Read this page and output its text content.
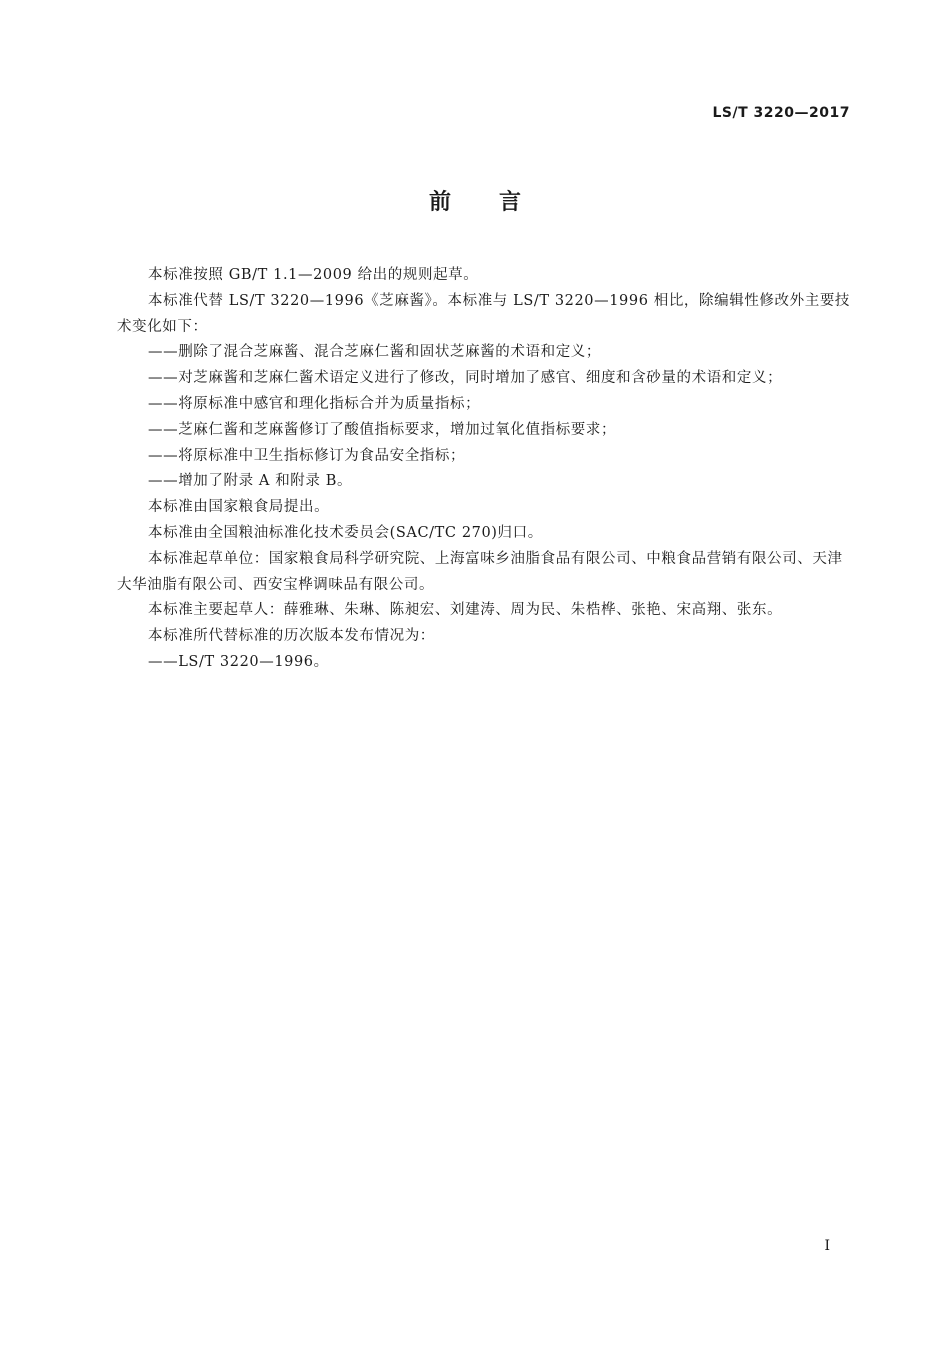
LS/T 3220—2017
前言

本标准按照 GB/T 1.1—2009 给出的规则起草。

本标准代替 LS/T 3220—1996《芝麻酱》。本标准与 LS/T 3220—1996 相比，除编辑性修改外主要技术变化如下：

——删除了混合芝麻酱、混合芝麻仁酱和固状芝麻酱的术语和定义；

——对芝麻酱和芝麻仁酱术语定义进行了修改，同时增加了感官、细度和含砂量的术语和定义；

——将原标准中感官和理化指标合并为质量指标；

——芝麻仁酱和芝麻酱修订了酸值指标要求，增加过氧化值指标要求；

——将原标准中卫生指标修订为食品安全指标；

——增加了附录 A 和附录 B。

本标准由国家粮食局提出。

本标准由全国粮油标准化技术委员会(SAC/TC 270)归口。

本标准起草单位：国家粮食局科学研究院、上海富味乡油脂食品有限公司、中粮食品营销有限公司、天津大华油脂有限公司、西安宝桦调味品有限公司。

本标准主要起草人：薛雅琳、朱琳、陈昶宏、刘建涛、周为民、朱梏桦、张艳、宋高翔、张东。

本标准所代替标准的历次版本发布情况为：

——LS/T 3220—1996。

I
